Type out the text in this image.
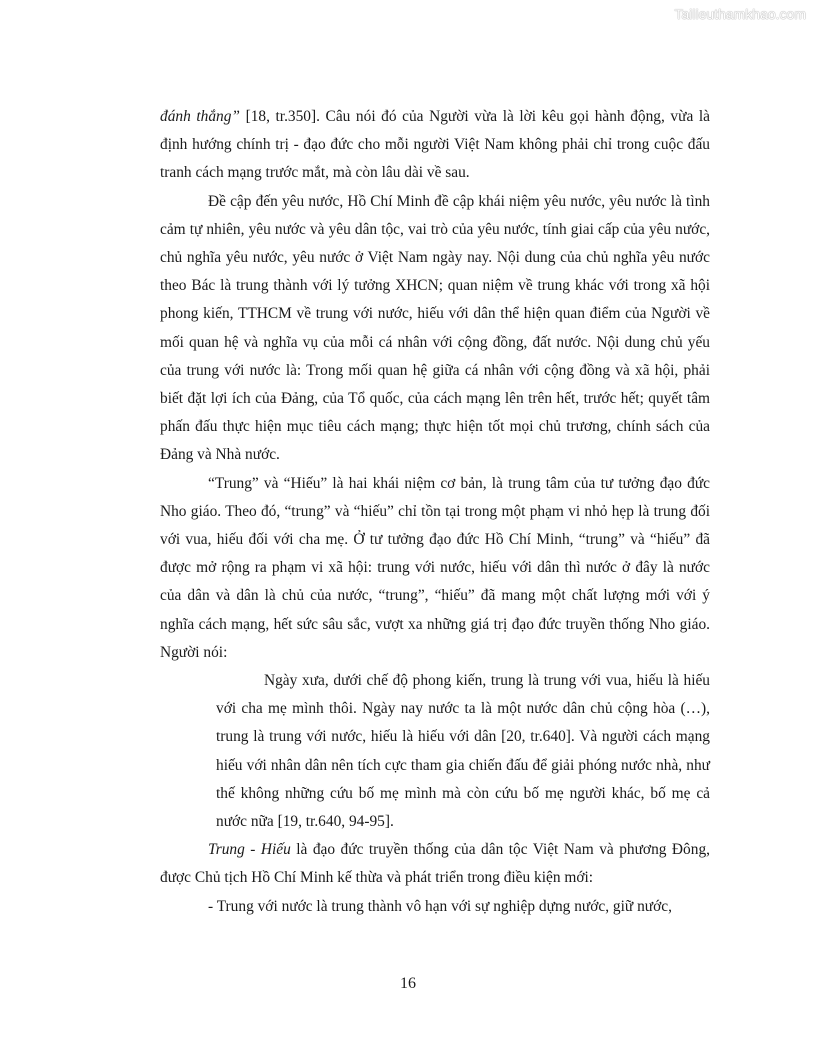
Tailieuthamkhao.com

đánh thắng” [18, tr.350]. Câu nói đó của Người vừa là lời kêu gọi hành động, vừa là định hướng chính trị - đạo đức cho mỗi người Việt Nam không phải chỉ trong cuộc đấu tranh cách mạng trước mắt, mà còn lâu dài về sau.

Đề cập đến yêu nước, Hồ Chí Minh đề cập khái niệm yêu nước, yêu nước là tình cảm tự nhiên, yêu nước và yêu dân tộc, vai trò của yêu nước, tính giai cấp của yêu nước, chủ nghĩa yêu nước, yêu nước ở Việt Nam ngày nay. Nội dung của chủ nghĩa yêu nước theo Bác là trung thành với lý tưởng XHCN; quan niệm về trung khác với trong xã hội phong kiến, TTHCM về trung với nước, hiếu với dân thể hiện quan điểm của Người về mối quan hệ và nghĩa vụ của mỗi cá nhân với cộng đồng, đất nước. Nội dung chủ yếu của trung với nước là: Trong mối quan hệ giữa cá nhân với cộng đồng và xã hội, phải biết đặt lợi ích của Đảng, của Tổ quốc, của cách mạng lên trên hết, trước hết; quyết tâm phấn đấu thực hiện mục tiêu cách mạng; thực hiện tốt mọi chủ trương, chính sách của Đảng và Nhà nước.

“Trung” và “Hiếu” là hai khái niệm cơ bản, là trung tâm của tư tưởng đạo đức Nho giáo. Theo đó, “trung” và “hiếu” chỉ tồn tại trong một phạm vi nhỏ hẹp là trung đối với vua, hiếu đối với cha mẹ. Ở tư tưởng đạo đức Hồ Chí Minh, “trung” và “hiếu” đã được mở rộng ra phạm vi xã hội: trung với nước, hiếu với dân thì nước ở đây là nước của dân và dân là chủ của nước, “trung”, “hiếu” đã mang một chất lượng mới với ý nghĩa cách mạng, hết sức sâu sắc, vượt xa những giá trị đạo đức truyền thống Nho giáo. Người nói:

Ngày xưa, dưới chế độ phong kiến, trung là trung với vua, hiếu là hiếu với cha mẹ mình thôi. Ngày nay nước ta là một nước dân chủ cộng hòa (…), trung là trung với nước, hiếu là hiếu với dân [20, tr.640]. Và người cách mạng hiếu với nhân dân nên tích cực tham gia chiến đấu để giải phóng nước nhà, như thế không những cứu bố mẹ mình mà còn cứu bố mẹ người khác, bố mẹ cả nước nữa [19, tr.640, 94-95].

Trung - Hiếu là đạo đức truyền thống của dân tộc Việt Nam và phương Đông, được Chủ tịch Hồ Chí Minh kế thừa và phát triển trong điều kiện mới:

- Trung với nước là trung thành vô hạn với sự nghiệp dựng nước, giữ nước,

16
